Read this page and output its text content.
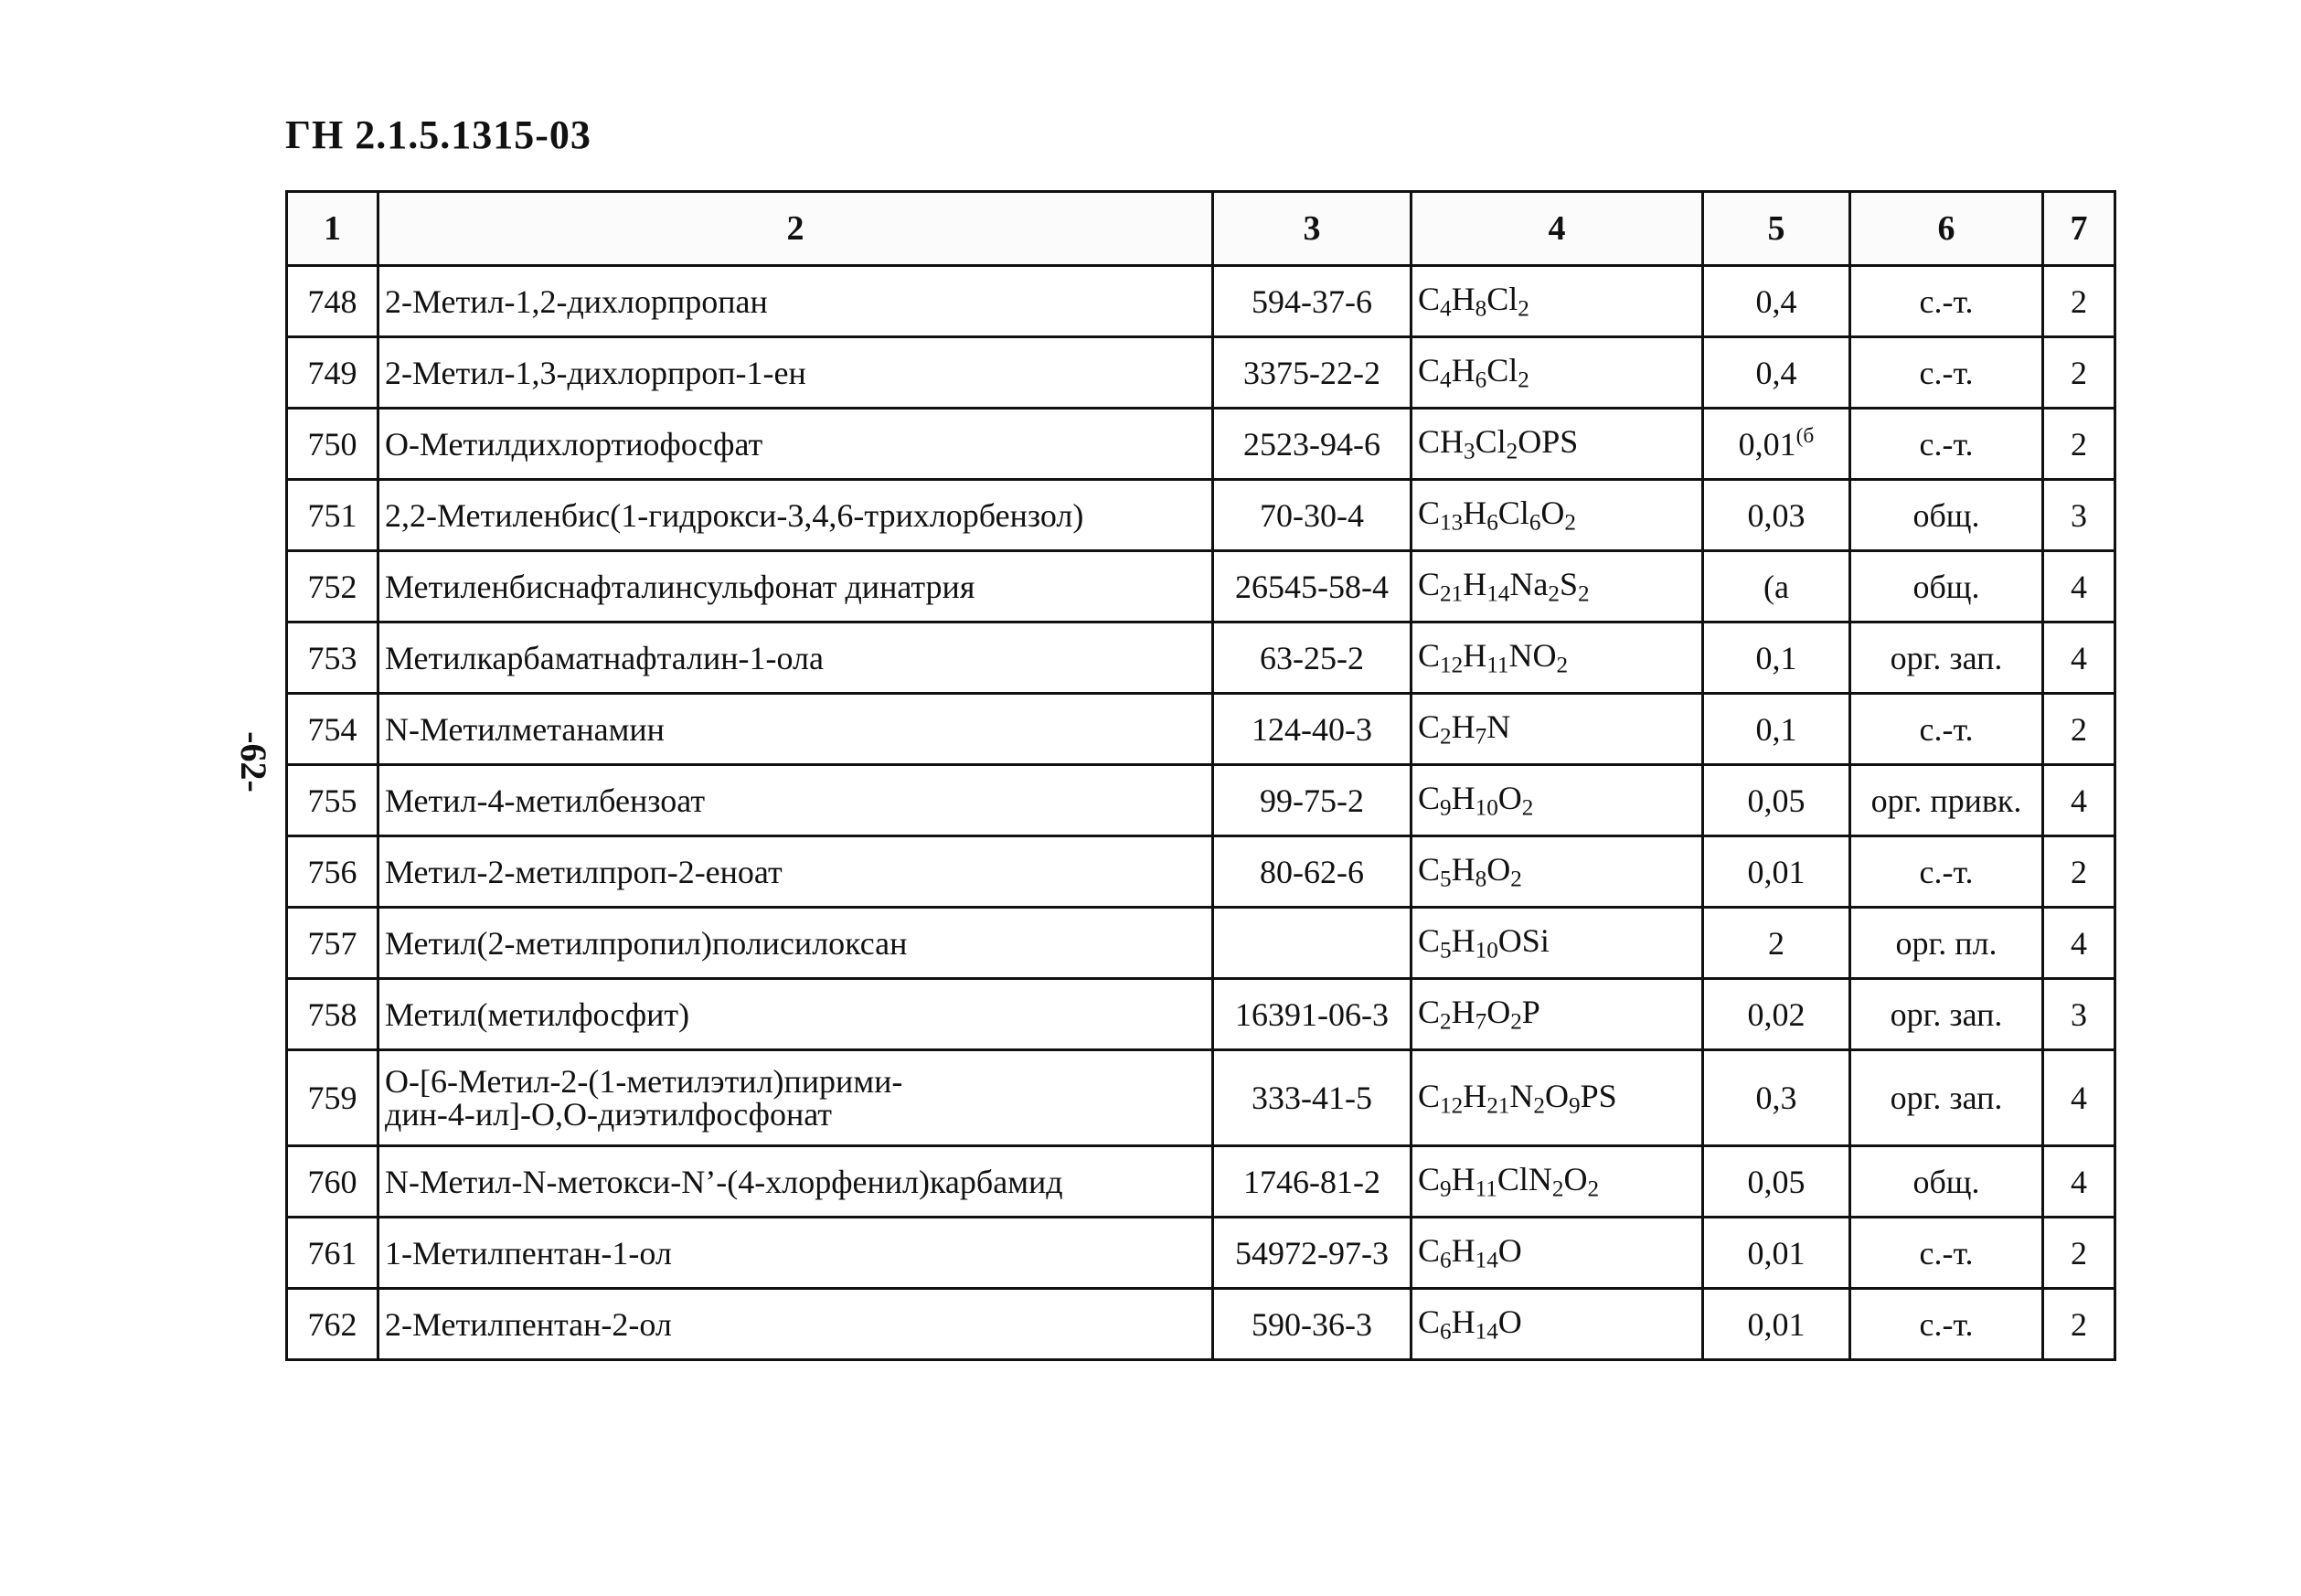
ГН 2.1.5.1315-03
-62-
1	2	3	4	5	6	7
748	2-Метил-1,2-дихлорпропан	594-37-6	$C_4H_8Cl_2$	0,4	с.-т.	2
749	2-Метил-1,3-дихлорпроп-1-ен	3375-22-2	$C_4H_6Cl_2$	0,4	с.-т.	2
750	О-Метилдихлортиофосфат	2523-94-6	$CH_3Cl_2OPS$	$0,01^{(б}$	с.-т.	2
751	2,2-Метиленбис(1-гидрокси-3,4,6-трихлорбензол)	70-30-4	$C_{13}H_6Cl_6O_2$	0,03	общ.	3
752	Метиленбиснафталинсульфонат динатрия	26545-58-4	$C_{21}H_{14}Na_2S_2$	(а	общ.	4
753	Метилкарбаматнафталин-1-ола	63-25-2	$C_{12}H_{11}NO_2$	0,1	орг. зап.	4
754	N-Метилметанамин	124-40-3	$C_2H_7N$	0,1	с.-т.	2
755	Метил-4-метилбензоат	99-75-2	$C_9H_{10}O_2$	0,05	орг. привк.	4
756	Метил-2-метилпроп-2-еноат	80-62-6	$C_5H_8O_2$	0,01	с.-т.	2
757	Метил(2-метилпропил)полисилоксан		$C_5H_{10}OSi$	2	орг. пл.	4
758	Метил(метилфосфит)	16391-06-3	$C_2H_7O_2P$	0,02	орг. зап.	3
759	О-[6-Метил-2-(1-метилэтил)пирими-
дин-4-ил]-О,О-диэтилфосфонат	333-41-5	$C_{12}H_{21}N_2O_9PS$	0,3	орг. зап.	4
760	N-Метил-N-метокси-N’-(4-хлорфенил)карбамид	1746-81-2	$C_9H_{11}ClN_2O_2$	0,05	общ.	4
761	1-Метилпентан-1-ол	54972-97-3	$C_6H_{14}O$	0,01	с.-т.	2
762	2-Метилпентан-2-ол	590-36-3	$C_6H_{14}O$	0,01	с.-т.	2
